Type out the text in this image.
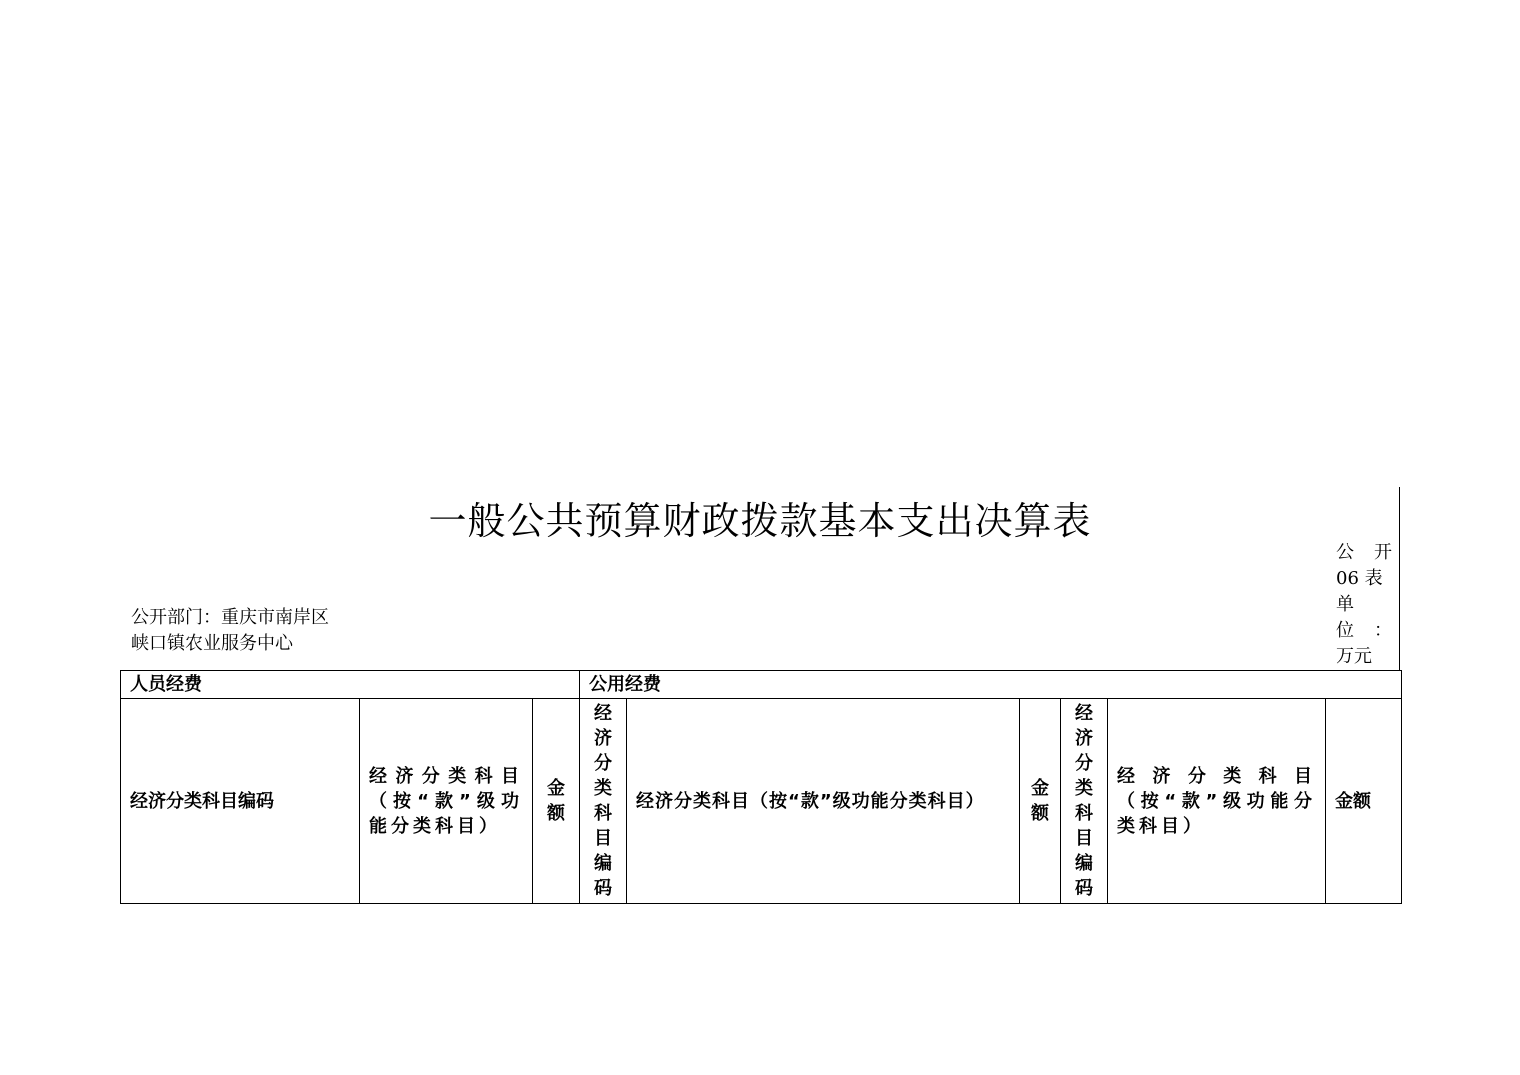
一般公共预算财政拨款基本支出决算表
公开部门：重庆市南岸区
峡口镇农业服务中心
公 开
06 表
单
位 ：
万元
人员经费			公用经费					
经济分类科目编码	经济分类科目（按“款”级功能分类科目）	金额	经济分类科目编码	经济分类科目（按“款”级功能分类科目）	金额	经济分类科目编码	经济分类科目（按“款”级功能分类科目）	金额
